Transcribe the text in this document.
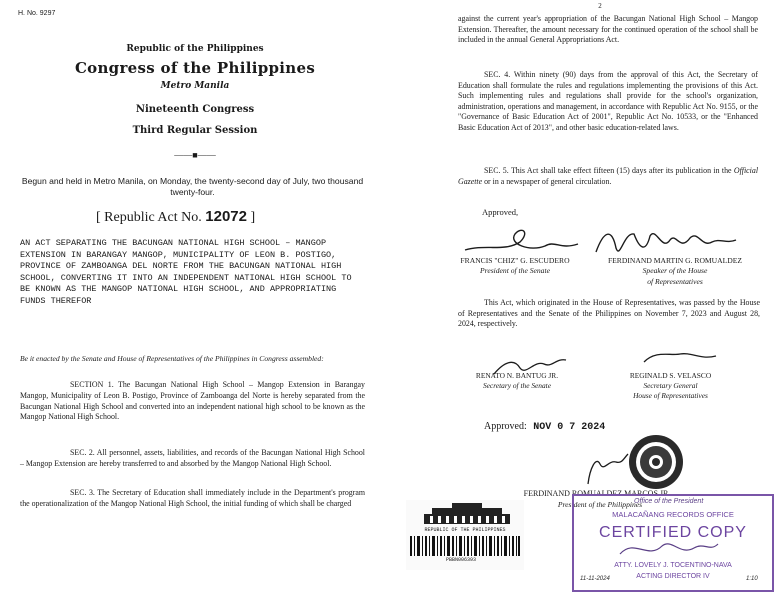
H. No. 9297
Republic of the Philippines
Congress of the Philippines
Metro Manila
Nineteenth Congress
Third Regular Session
——■——
Begun and held in Metro Manila, on Monday, the twenty-second day of July, two thousand twenty-four.
[ Republic Act No. 12072 ]
AN ACT SEPARATING THE BACUNGAN NATIONAL HIGH SCHOOL – MANGOP EXTENSION IN BARANGAY MANGOP, MUNICIPALITY OF LEON B. POSTIGO, PROVINCE OF ZAMBOANGA DEL NORTE FROM THE BACUNGAN NATIONAL HIGH SCHOOL, CONVERTING IT INTO AN INDEPENDENT NATIONAL HIGH SCHOOL TO BE KNOWN AS THE MANGOP NATIONAL HIGH SCHOOL, AND APPROPRIATING FUNDS THEREFOR
Be it enacted by the Senate and House of Representatives of the Philippines in Congress assembled:
SECTION 1. The Bacungan National High School – Mangop Extension in Barangay Mangop, Municipality of Leon B. Postigo, Province of Zamboanga del Norte is hereby separated from the Bacungan National High School and converted into an independent national high school to be known as the Mangop National High School.
SEC. 2. All personnel, assets, liabilities, and records of the Bacungan National High School – Mangop Extension are hereby transferred to and absorbed by the Mangop National High School.
SEC. 3. The Secretary of Education shall immediately include in the Department's program the operationalization of the Mangop National High School, the initial funding of which shall be charged
2
against the current year's appropriation of the Bacungan National High School – Mangop Extension. Thereafter, the amount necessary for the continued operation of the school shall be included in the annual General Appropriations Act.
SEC. 4. Within ninety (90) days from the approval of this Act, the Secretary of Education shall formulate the rules and regulations implementing the provisions of this Act. Such implementing rules and regulations shall provide for the school's organization, administration, operations and management, in accordance with Republic Act No. 9155, or the "Governance of Basic Education Act of 2001", Republic Act No. 10533, or the "Enhanced Basic Education Act of 2013", and other basic education-related laws.
SEC. 5. This Act shall take effect fifteen (15) days after its publication in the Official Gazette or in a newspaper of general circulation.
Approved,
FRANCIS "CHIZ" G. ESCUDERO
President of the Senate
FERDINAND MARTIN G. ROMUALDEZ
Speaker of the House
of Representatives
This Act, which originated in the House of Representatives, was passed by the House of Representatives and the Senate of the Philippines on November 7, 2023 and August 28, 2024, respectively.
RENATO N. BANTUG JR.
Secretary of the Senate
REGINALD S. VELASCO
Secretary General
House of Representatives
Approved: NOV 0 7 2024
FERDINAND ROMUALDEZ MARCOS JR.
President of the Philippines
REPUBLIC OF THE PHILIPPINES
PBBN006393
Office of the President
MALACAÑANG RECORDS OFFICE
CERTIFIED COPY
ATTY. LOVELY J. TOCENTINO-NAVA
ACTING DIRECTOR IV
11-11-2024	1:10
